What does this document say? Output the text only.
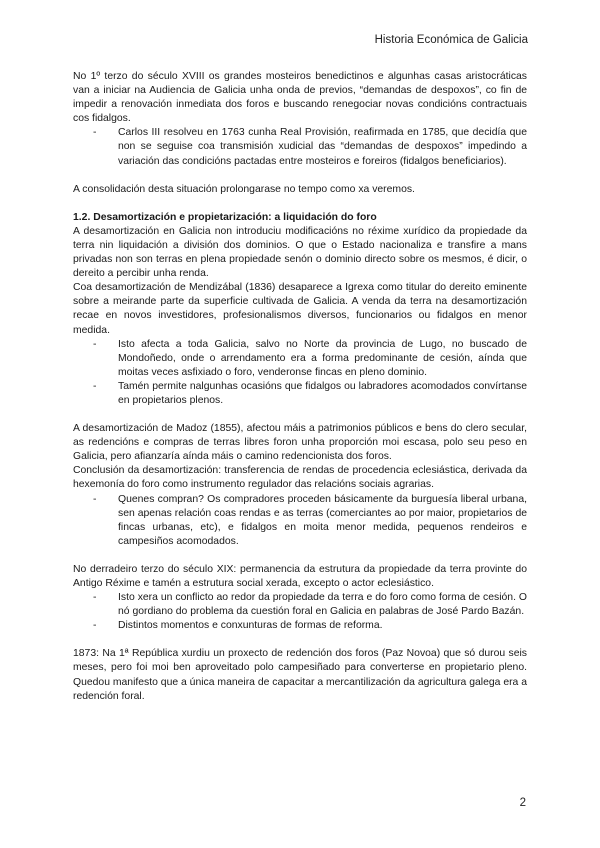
Historia Económica de Galicia

No 1º terzo do século XVIII os grandes mosteiros benedictinos e algunhas casas aristocráticas van a iniciar na Audiencia de Galicia unha onda de previos, “demandas de despoxos”, co fin de impedir a renovación inmediata dos foros e buscando renegociar novas condicións contractuais cos fidalgos.

- Carlos III resolveu en 1763 cunha Real Provisión, reafirmada en 1785, que decidía que non se seguise coa transmisión xudicial das “demandas de despoxos” impedindo a variación das condicións pactadas entre mosteiros e foreiros (fidalgos beneficiarios).

A consolidación desta situación prolongarase no tempo como xa veremos.

1.2. Desamortización e propietarización: a liquidación do foro

A desamortización en Galicia non introduciu modificacións no réxime xurídico da propiedade da terra nin liquidación a división dos dominios. O que o Estado nacionaliza e transfire a mans privadas non son terras en plena propiedade senón o dominio directo sobre os mesmos, é dicir, o dereito a percibir unha renda.

Coa desamortización de Mendizábal (1836) desaparece a Igrexa como titular do dereito eminente sobre a meirande parte da superficie cultivada de Galicia. A venda da terra na desamortización recae en novos investidores, profesionalismos diversos, funcionarios ou fidalgos en menor medida.

- Isto afecta a toda Galicia, salvo no Norte da provincia de Lugo, no buscado de Mondoñedo, onde o arrendamento era a forma predominante de cesión, aínda que moitas veces asfixiado o foro, venderonse fincas en pleno dominio.
- Tamén permite nalgunhas ocasións que fidalgos ou labradores acomodados convírtanse en propietarios plenos.

A desamortización de Madoz (1855), afectou máis a patrimonios públicos e bens do clero secular, as redencións e compras de terras libres foron unha proporción moi escasa, polo seu peso en Galicia, pero afianzaría aínda máis o camino redencionista dos foros.

Conclusión da desamortización: transferencia de rendas de procedencia eclesiástica, derivada da hexemonía do foro como instrumento regulador das relacións sociais agrarias.

- Quenes compran? Os compradores proceden básicamente da burguesía liberal urbana, sen apenas relación coas rendas e as terras (comerciantes ao por maior, propietarios de fincas urbanas, etc), e fidalgos en moita menor medida, pequenos rendeiros e campesiños acomodados.

No derradeiro terzo do século XIX: permanencia da estrutura da propiedade da terra provinte do Antigo Réxime e tamén a estrutura social xerada, excepto o actor eclesiástico.

- Isto xera un conflicto ao redor da propiedade da terra e do foro como forma de cesión. O nó gordiano do problema da cuestión foral en Galicia en palabras de José Pardo Bazán.
- Distintos momentos e conxunturas de formas de reforma.

1873: Na 1ª República xurdiu un proxecto de redención dos foros (Paz Novoa) que só durou seis meses, pero foi moi ben aproveitado polo campesiñado para converterse en propietario pleno. Quedou manifesto que a única maneira de capacitar a mercantilización da agricultura galega era a redención foral.

2
